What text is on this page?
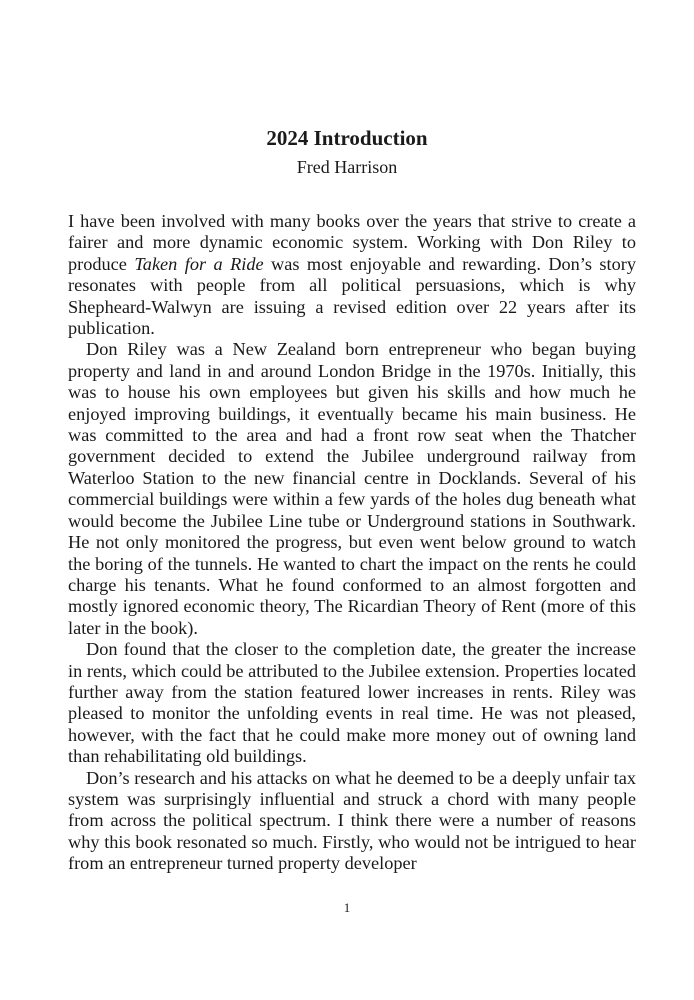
2024 Introduction
Fred Harrison

I have been involved with many books over the years that strive to create a fairer and more dynamic economic system. Working with Don Riley to produce Taken for a Ride was most enjoyable and rewarding. Don’s story resonates with people from all political persuasions, which is why Shepheard-Walwyn are issuing a revised edition over 22 years after its publication.

Don Riley was a New Zealand born entrepreneur who began buying property and land in and around London Bridge in the 1970s. Initially, this was to house his own employees but given his skills and how much he enjoyed improving buildings, it eventually became his main business. He was committed to the area and had a front row seat when the Thatcher government decided to extend the Jubilee underground railway from Waterloo Station to the new financial centre in Docklands. Several of his commercial buildings were within a few yards of the holes dug beneath what would become the Jubilee Line tube or Underground stations in Southwark. He not only monitored the progress, but even went below ground to watch the boring of the tunnels. He wanted to chart the impact on the rents he could charge his tenants. What he found conformed to an almost forgotten and mostly ignored economic theory, The Ricardian Theory of Rent (more of this later in the book).

Don found that the closer to the completion date, the greater the increase in rents, which could be attributed to the Jubilee extension. Properties located further away from the station featured lower increases in rents. Riley was pleased to monitor the unfolding events in real time. He was not pleased, however, with the fact that he could make more money out of owning land than rehabilitating old buildings.

Don’s research and his attacks on what he deemed to be a deeply unfair tax system was surprisingly influential and struck a chord with many people from across the political spectrum. I think there were a number of reasons why this book resonated so much. Firstly, who would not be intrigued to hear from an entrepreneur turned property developer

1
